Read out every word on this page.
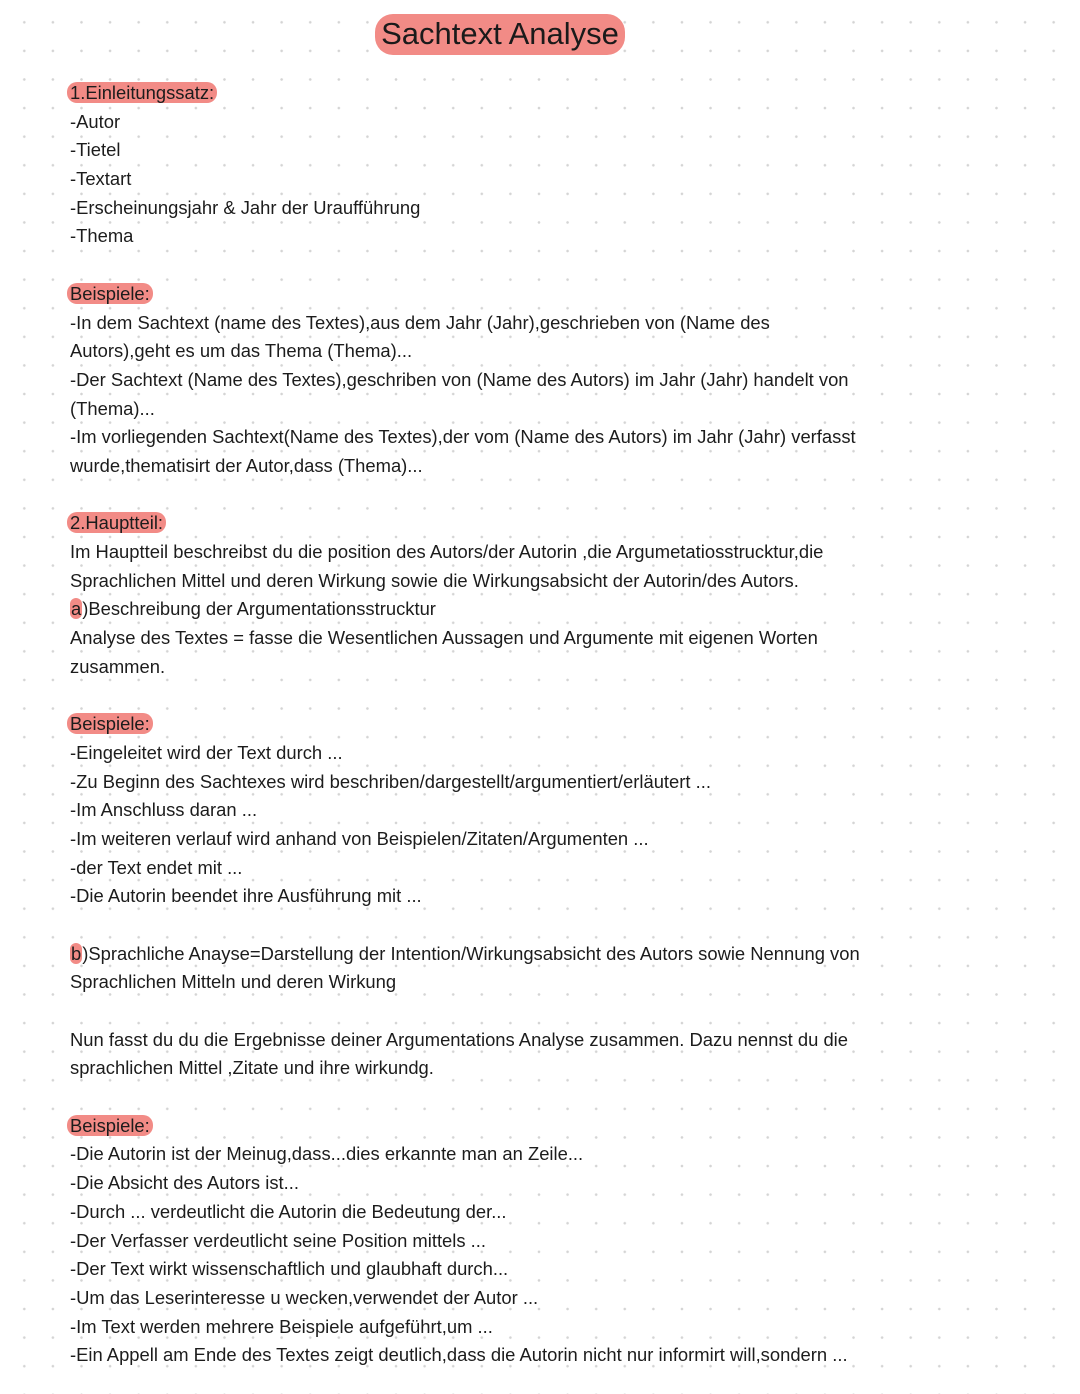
Sachtext Analyse
1.Einleitungssatz:
-Autor
-Tietel
-Textart
-Erscheinungsjahr & Jahr der Uraufführung
-Thema
Beispiele:
-In dem Sachtext (name des Textes),aus dem Jahr (Jahr),geschrieben von (Name des
Autors),geht es um das Thema (Thema)...
-Der Sachtext (Name des Textes),geschriben von (Name des Autors) im Jahr (Jahr) handelt von
(Thema)...
-Im vorliegenden Sachtext(Name des Textes),der vom (Name des Autors) im Jahr (Jahr) verfasst
wurde,thematisirt der Autor,dass (Thema)...
2.Hauptteil:
Im Hauptteil beschreibst du die position des Autors/der Autorin ,die Argumetatiosstrucktur,die
Sprachlichen Mittel und deren Wirkung sowie die Wirkungsabsicht der Autorin/des Autors.
a)Beschreibung der Argumentationsstrucktur
Analyse des Textes = fasse die Wesentlichen Aussagen und Argumente mit eigenen Worten
zusammen.
Beispiele:
-Eingeleitet wird der Text durch ...
-Zu Beginn des Sachtexes wird beschriben/dargestellt/argumentiert/erläutert ...
-Im Anschluss daran ...
-Im weiteren verlauf wird anhand von Beispielen/Zitaten/Argumenten ...
-der Text endet mit ...
-Die Autorin beendet ihre Ausführung mit ...
b)Sprachliche Anayse=Darstellung der Intention/Wirkungsabsicht des Autors sowie Nennung von
Sprachlichen Mitteln und deren Wirkung
Nun fasst du du die Ergebnisse deiner Argumentations Analyse zusammen. Dazu nennst du die
sprachlichen Mittel ,Zitate und ihre wirkundg.
Beispiele:
-Die Autorin ist der Meinug,dass...dies erkannte man an Zeile...
-Die Absicht des Autors ist...
-Durch ... verdeutlicht die Autorin die Bedeutung der...
-Der Verfasser verdeutlicht seine Position mittels ...
-Der Text wirkt wissenschaftlich und glaubhaft durch...
-Um das Leserinteresse u wecken,verwendet der Autor ...
-Im Text werden mehrere Beispiele aufgeführt,um ...
-Ein Appell am Ende des Textes zeigt deutlich,dass die Autorin nicht nur informirt will,sondern ...
